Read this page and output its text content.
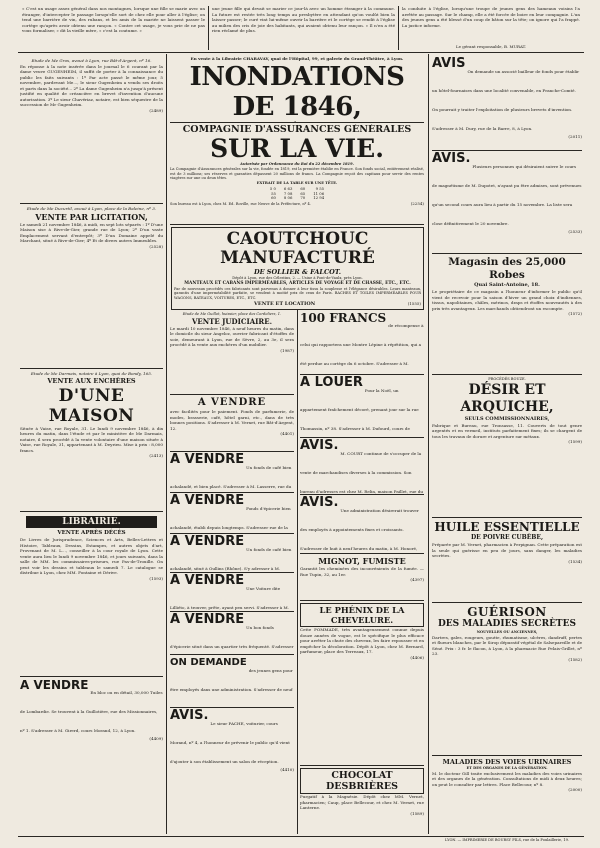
« C'est un usage assez général dans nos montagnes, lorsque une fille se marie avec un étranger, d'intercepter le passage lorsqu'elle sort de chez elle pour aller à l'église; on tend une barrière de vin, des rubans, et les amis de la mariée ne laissent passer le cortège qu'après avoir obtenu une rançon. « Contre cet usage, je vous prie de ne pas vous formaliser, » dit la vieille mère, « c'est la coutume. »
une jeune fille qui devait se marier ce jour-là avec un homme étranger à la commune. La future est restée très long temps au presbytère en attendant qu'on voulût bien la laisser passer; le curé vint lui-même ouvrir la barrière et le cortège se rendit à l'église au milieu des cris de joie des habitants, qui avaient obtenu leur rançon. » Il n'en a été rien réclamé de plus.
la conduite à l'église, lorsqu'une troupe de jeunes gens des hameaux voisins l'a arrêtée au passage. Sur le champ, elle a été forcée de boire en leur compagnie. L'un des jeunes gens a été blessé d'un coup de bâton sur la tête; on ignore qui l'a frappé. La justice informe.
Le gérant responsable, B. MURAT.
Etude de Me Gros, avoué à Lyon, rue Bât-d'Argent, nº 16.
En réponse à la note insérée dans le journal le 6 courant par la dame veuve GUGENHEIM, il suffit de porter à la connaissance du public les faits suivants : 1º Par acte passé le même jour, 5 novembre, pardevant Me..., le sieur Gugenheim a vendu ses droits et parts dans la société... 2º La dame Gugenheim n'a jusqu'à présent justifié en qualité de créancière en brevet d'invention d'aucune autorisation. 3º Le sieur Chavériaz, notaire, est bien séquestre de la succession de Mr Gugenheim.
(2489)
Etude de Me Ducurtil, avoué à Lyon, place de la Baleine, nº 3.
VENTE PAR LICITATION,
Le samedi 21 novembre 1846, à midi, en sept lots séparés : 1º D'une Maison sise à Rive-de-Gier, grande rue de Lyon; 2º D'un vaste Emplacement servant d'entrepôt; 3º D'un Domaine appelé du Marchant, situé à Rive-de-Gier; 4º Et de divers autres Immeubles.
(2528)
Etude de Me Darmais, notaire à Lyon, quai de Bondy, 165.
VENTE AUX ENCHÈRES
D'UNE MAISON
Située à Vaise, rue Royale, 31. Le lundi 9 novembre 1846, à dix heures du matin, dans l'étude et par le ministère de Me Darmais, notaire, il sera procédé à la vente volontaire d'une maison située à Vaise, rue Royale, 31, appartenant à M. Deyrieu. Mise à prix : 8,000 francs.
(2413)
LIBRAIRIE.
VENTE APRÈS DÉCÈS
De Livres de Jurisprudence, Sciences et Arts, Belles-Lettres et Histoire, Tableaux, Dessins, Estampes, et autres objets d'art, Provenant de M. L..., conseiller à la cour royale de Lyon. Cette vente aura lieu le lundi 9 novembre 1846, et jours suivants, dans la salle de MM. les commissaires-priseurs, rue Pas-de-Trouille. On peut voir les dessins et tableaux le samedi 7. Le catalogue se distribue à Lyon, chez MM. Fontaine et Dérive.
(1593)
A VENDRE
En bloc ou en détail, 30,000 Tuiles de Lombardie. Se trouvent à la Guillotière, rue des Missionnaires, nº 1. S'adresser à M. Girerd, cours Morand, 12, à Lyon.
(4409)
En vente à la Librairie CHARAVAY, quai de l'Hôpital, 99, et galerie du Grand-Théâtre, à Lyon.
INONDATIONS DE 1846,
COMPAGNIE D'ASSURANCES GÉNÉRALES
SUR LA VIE.
Autorisée par Ordonnance du Roi du 22 décembre 1819.
La Compagnie d'Assurances générales sur la vie, fondée en 1819, est la première établie en France. Son fonds social, entièrement réalisé, est de 3 millions; ses réserves et garanties dépassent 20 millions de francs. La Compagnie reçoit des capitaux pour servir des rentes viagères sur une ou deux têtes.
EXTRAIT DE LA TABLE SUR UNE TÊTE.
5 0	6 63	60	9 55
55	7 08	65	11 06
60	8 06	70	12 94
Son bureau est à Lyon, chez M. Ed. Roville, rue Neuve de la Préfecture, nº 4.	(2254)
CAOUTCHOUC MANUFACTURÉ
DE SOLLIER & FALCOT.
Dépôt à Lyon, rue des Célestins, 2. — Usine à Pont-de-Vaulx, près Lyon.
MANTEAUX ET CABANS IMPERMÉABLES, ARTICLES DE VOYAGE ET DE CHASSE, ETC., ETC.
Par de nouveaux procédés ces fabricants sont parvenus à donner à leur tissu la souplesse et l'élégance désirables. Leurs manteaux, garantis d'une imperméabilité parfaite, se vendent à moitié prix de ceux de Paris. BACHES ET TOILES IMPERMÉABLES POUR WAGONS, BATEAUX, VOITURES, ETC., ETC.
VENTE ET LOCATION	(1555)
Etude de Me Guillot, huissier, place des Cordeliers, 1.
VENTE JUDICIAIRE.
Le mardi 10 novembre 1846, à neuf heures du matin, dans le domicile du sieur Angeloz, ouvrier fabricant d'étoffes de soie, demeurant à Lyon, rue de Sèvre, 2, au 3e, il sera procédé à la vente aux enchères d'un mobilier.
(1987)
A VENDRE
avec facilités pour le paiement. Fonds de parfumerie, de modes, brasserie, café, hôtel garni, etc., dans de très bonnes positions. S'adresser à M. Vernet, rue Bât-d'Argent, 12.
(4401)
A VENDRE
Un fonds de café bien achalandé, et bien placé. S'adresser à M. Lasserre, rue du
A VENDRE
Fonds d'épicerie bien achalandé, établi depuis longtemps. S'adresser rue de la
A VENDRE
Un fonds de café bien achalandé, situé à Oullins (Rhône). S'y adresser à M.
A VENDRE
Une Voiture dite Lilliéto, à trouver, prête, ayant peu servi. S'adresser à M.
A VENDRE
Un bon fonds d'épicerie situé dans un quartier très fréquenté. S'adresser
ON DEMANDE
des jeunes gens pour être employés dans une administration. S'adresser de neuf
AVIS.
Le sieur PACHE, voiturier, cours Morand, nº 4, a l'honneur de prévenir le public qu'il vient d'ajouter à son établissement un salon de réception.
(4410)
100 FRANCS
de récompense à celui qui rapportera une Montre Lépine à répétition, qui a été perdue au cortège du 6 octobre. S'adresser à M.
A LOUER
Pour la Noël, un appartement fraîchement décoré, prenant jour sur la rue Thomassin, nº 38. S'adresser à M. Dufourd, cours de
AVIS.
M. COURT continue de s'occuper de la vente de marchandises diverses à la commission. Son bureau d'adresses est chez M. Relin, maison Paillet, rue du
AVIS.
Une administration désirerait trouver des employés à appointements fixes et croissants. S'adresser de huit à neuf heures du matin, à M. Honoré,
MIGNOT, FUMISTE
Garantit les cheminées des inconvénients de la fumée. — Rue Tupin, 32, au 1er.
(4397)
LE PHÉNIX DE LA CHEVELURE.
Cette POMMADE, très avantageusement connue depuis douze années de vogue, est le spécifique le plus efficace pour arrêter la chute des cheveux, les faire repousser et en empêcher la décoloration. Dépôt à Lyon, chez M. Bernard, parfumeur, place des Terreaux, 17.
(4406)
CHOCOLAT DESBRIÈRES
Purgatif à la Magnésie. Dépôt chez MM. Vernet, pharmacien; Caup, place Bellecour, et chez M. Vernet, rue Lanterne.
(1589)
AVIS
On demande un associé bailleur de fonds pour établir un hôtel-fournaises dans une localité convenable, en Franche-Comté. On pourrait y traiter l'exploitation de plusieurs brevets d'invention. S'adresser à M. Dury, rue de la Barre, 8, à Lyon.
(2011)
AVIS.
Plusieurs personnes qui désiraient suivre le cours de magnétisme de M. Dupotet, n'ayant pu être admises, sont prévenues qu'un second cours aura lieu à partir du 15 novembre. La liste sera close définitivement le 20 novembre.
(2533)
Magasin des 25,000 Robes
Quai Saint-Antoine, 18.
Le propriétaire de ce magasin a l'honneur d'informer le public qu'il vient de recevoir pour la saison d'hiver un grand choix d'indiennes, tissus, napolitaines, châles, mérinos, draps et étoffes nouveautés à des prix très avantageux. Les marchands obtiendront un escompte.
(1572)
PROCÉDÉS BOUZE.
DÉSIR ET ARQUICHE,
SEULS COMMISSIONNAIRES,
Fabrique et Bureau, rue Tronsasse, 11. Couverts de tout genre argentés et en vermeil, instituts parfaitement fixes; ils se chargent de tous les travaux de dorure et argenture sur métaux.
(1599)
HUILE ESSENTIELLE
DE POIVRE CUBÈBE,
Préparée par M. Vernet, pharmacien à Perpignan. Cette préparation est la seule qui guérisse en peu de jours, sans danger, les maladies secrètes.
(1534)
GUÉRISON
DES MALADIES SECRÈTES
NOUVELLES OU ANCIENNES,
Dartres, gales, rougeurs, goutte, rhumatisme, ulcères, dandruff, pertes et flueurs blanches, par le Sirop dépuratif végétal de Salsepareille et de Séné. Prix : 3 fr. le flacon, à Lyon, à la pharmacie Rue Pelais-Grillet, nº 23.
(1582)
MALADIES DES VOIES URINAIRES
ET DES ORGANES DE LA GÉNÉRATION.
M. le docteur Gill traite exclusivement les maladies des voies urinaires et des organes de la génération. Consultations de midi à deux heures; on peut le consulter par lettres. Place Bellecour, nº 8.
(2000)
LYON. — IMPRIMERIE DE BOURSY FILS, rue de la Poulaillerie, 19.
